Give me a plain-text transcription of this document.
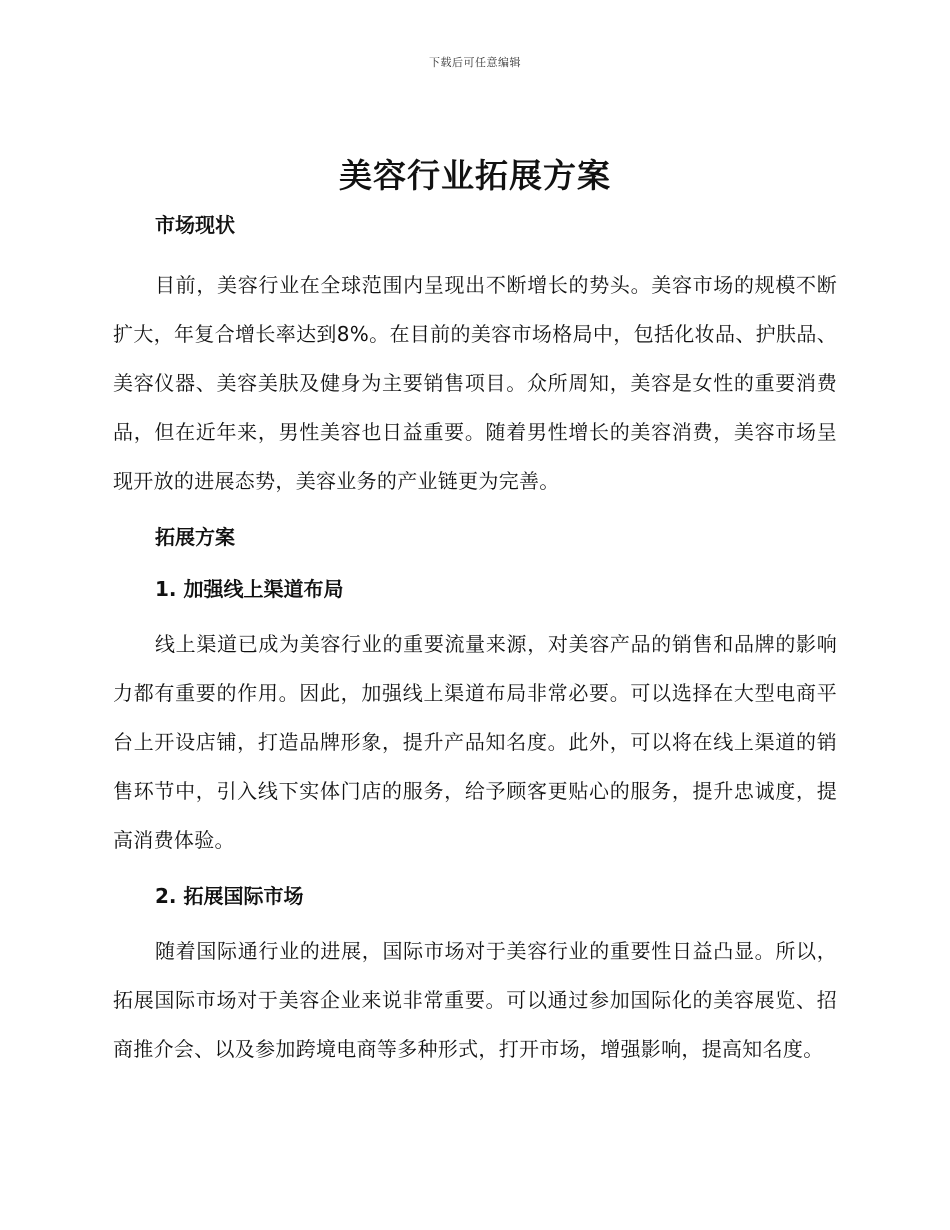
下载后可任意编辑
美容行业拓展方案

市场现状

目前，美容行业在全球范围内呈现出不断增长的势头。美容市场的规模不断扩大，年复合增长率达到8%。在目前的美容市场格局中，包括化妆品、护肤品、美容仪器、美容美肤及健身为主要销售项目。众所周知，美容是女性的重要消费品，但在近年来，男性美容也日益重要。随着男性增长的美容消费，美容市场呈现开放的进展态势，美容业务的产业链更为完善。

拓展方案

1. 加强线上渠道布局

线上渠道已成为美容行业的重要流量来源，对美容产品的销售和品牌的影响力都有重要的作用。因此，加强线上渠道布局非常必要。可以选择在大型电商平台上开设店铺，打造品牌形象，提升产品知名度。此外，可以将在线上渠道的销售环节中，引入线下实体门店的服务，给予顾客更贴心的服务，提升忠诚度，提高消费体验。

2. 拓展国际市场

随着国际通行业的进展，国际市场对于美容行业的重要性日益凸显。所以，拓展国际市场对于美容企业来说非常重要。可以通过参加国际化的美容展览、招商推介会、以及参加跨境电商等多种形式，打开市场，增强影响，提高知名度。
